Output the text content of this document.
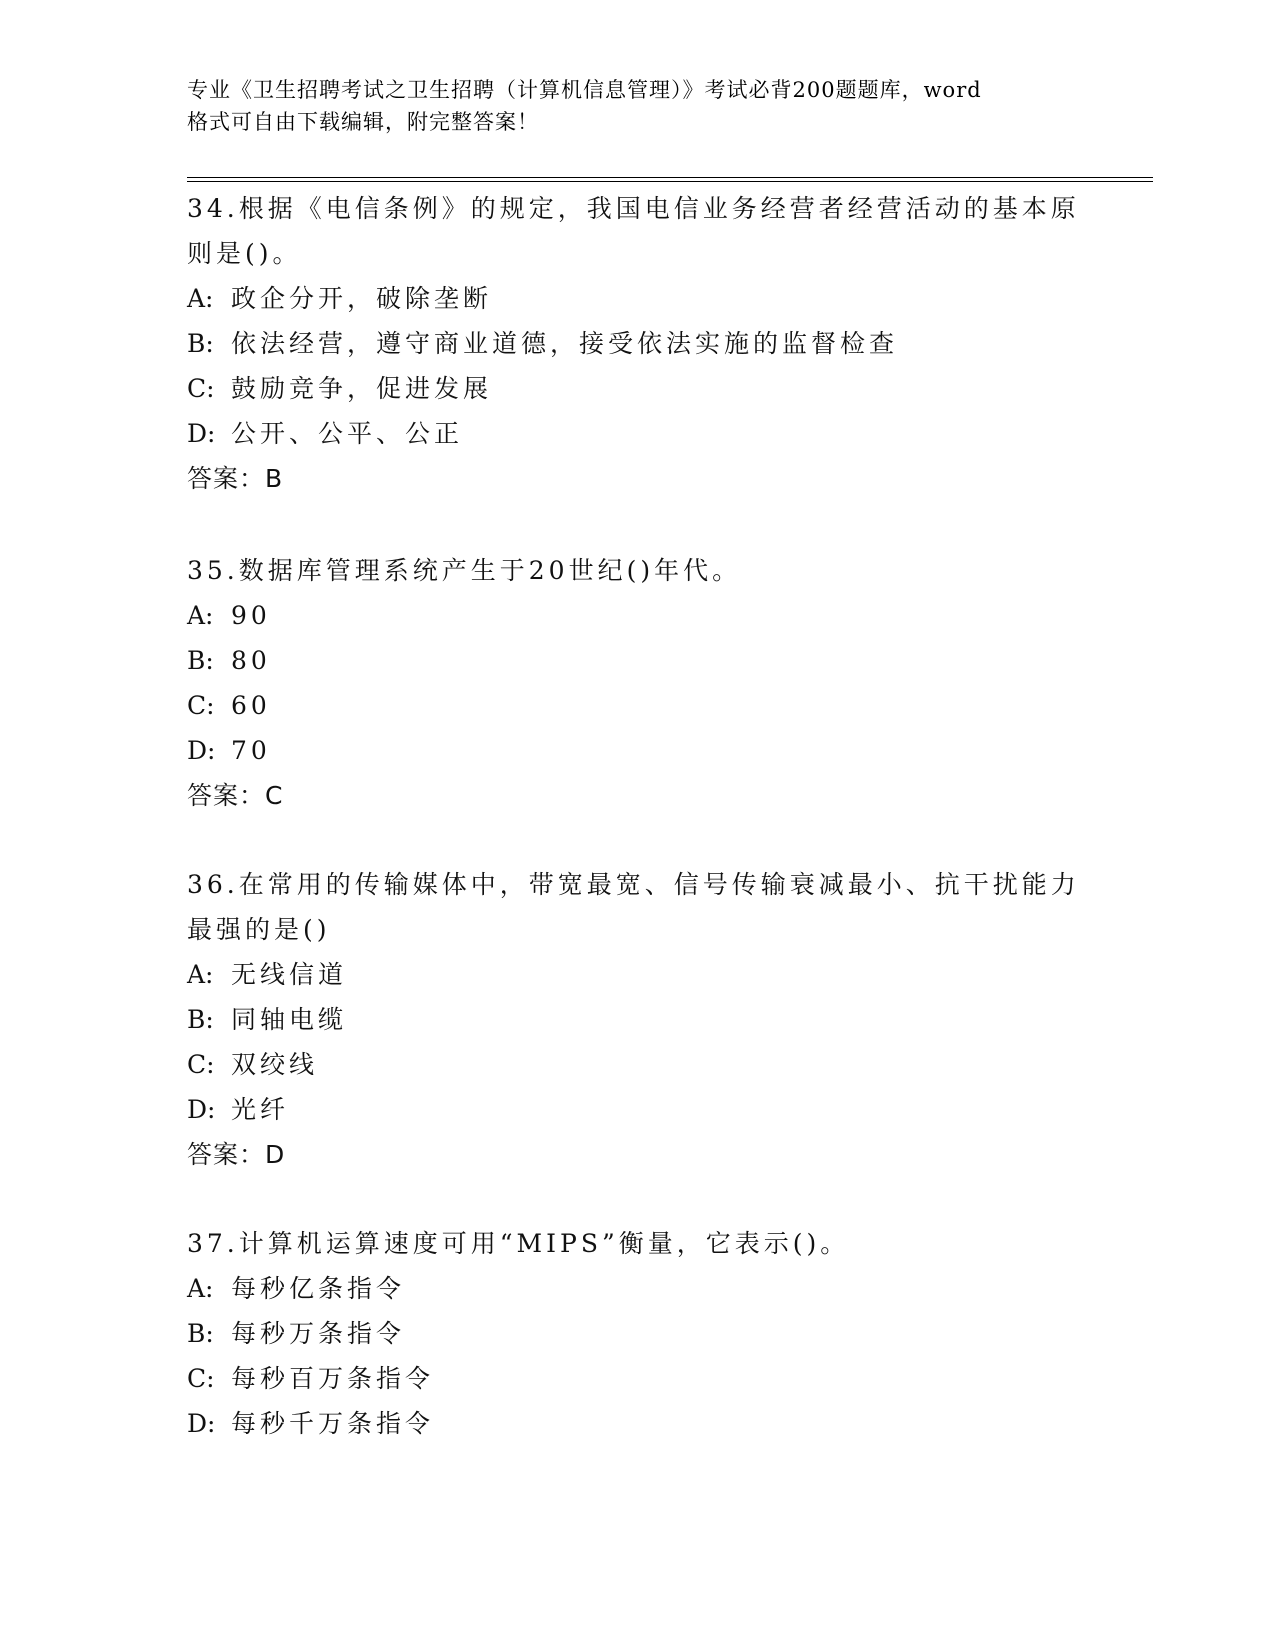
专业《卫生招聘考试之卫生招聘（计算机信息管理）》考试必背200题题库，word
格式可自由下载编辑，附完整答案！
34.根据《电信条例》的规定，我国电信业务经营者经营活动的基本原
则是()。
A: 政企分开，破除垄断
B: 依法经营，遵守商业道德，接受依法实施的监督检查
C: 鼓励竞争，促进发展
D: 公开、公平、公正
答案：B
35.数据库管理系统产生于20世纪()年代。
A: 90
B: 80
C: 60
D: 70
答案：C
36.在常用的传输媒体中，带宽最宽、信号传输衰减最小、抗干扰能力
最强的是()
A: 无线信道
B: 同轴电缆
C: 双绞线
D: 光纤
答案：D
37.计算机运算速度可用“MIPS”衡量，它表示()。
A: 每秒亿条指令
B: 每秒万条指令
C: 每秒百万条指令
D: 每秒千万条指令
